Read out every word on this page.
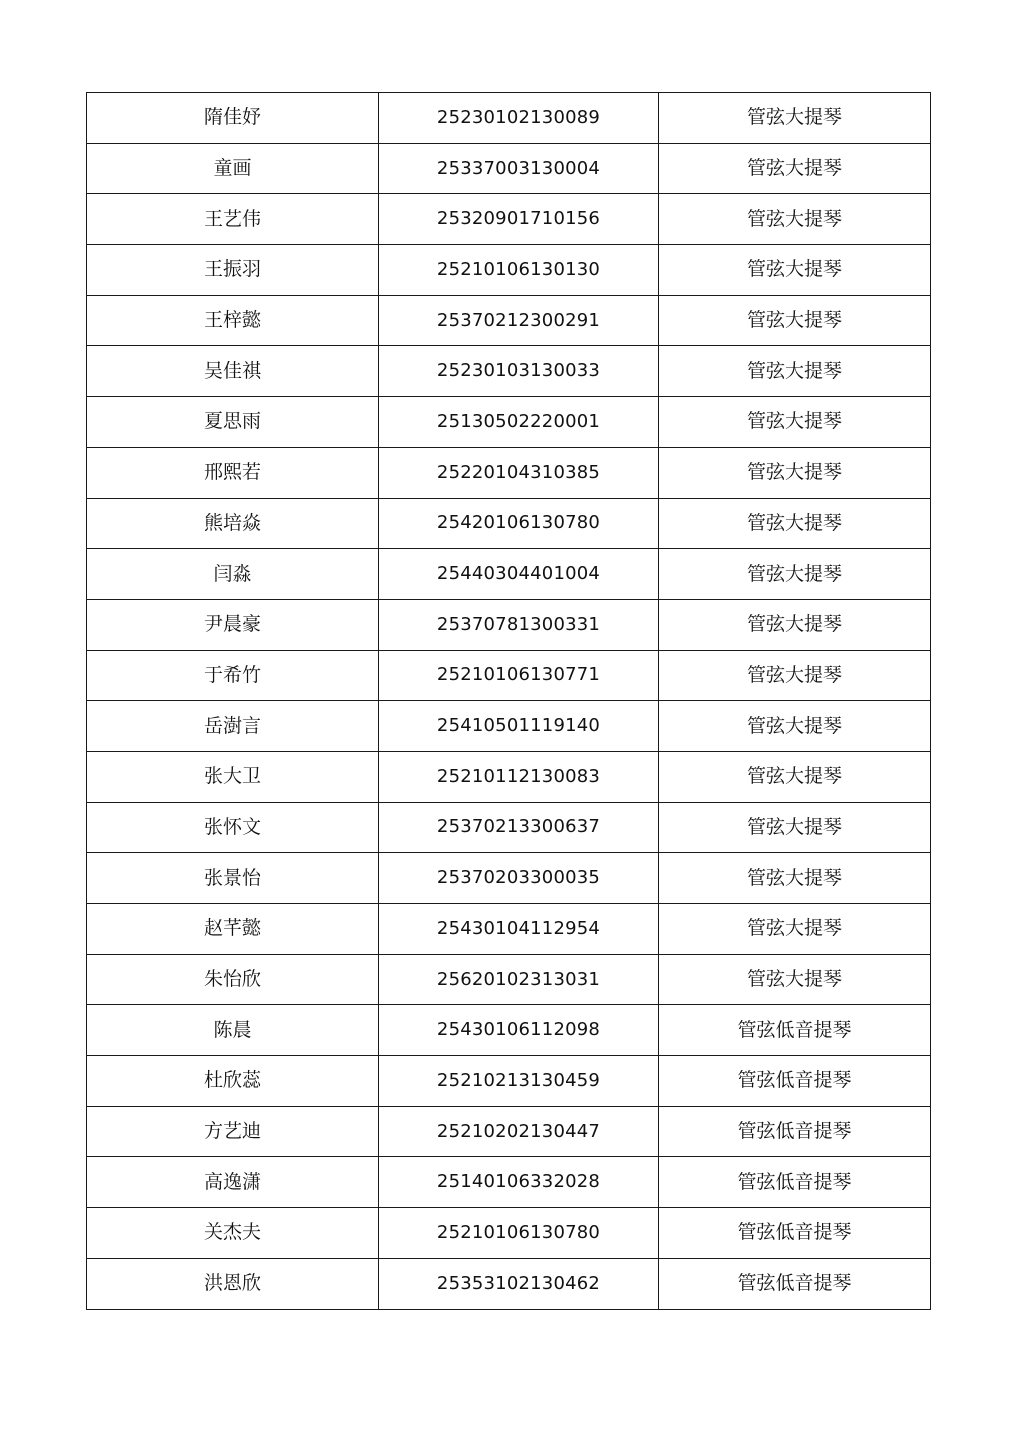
隋佳妤	25230102130089	管弦大提琴
童画	25337003130004	管弦大提琴
王艺伟	25320901710156	管弦大提琴
王振羽	25210106130130	管弦大提琴
王梓懿	25370212300291	管弦大提琴
吴佳祺	25230103130033	管弦大提琴
夏思雨	25130502220001	管弦大提琴
邢熙若	25220104310385	管弦大提琴
熊培焱	25420106130780	管弦大提琴
闫淼	25440304401004	管弦大提琴
尹晨豪	25370781300331	管弦大提琴
于希竹	25210106130771	管弦大提琴
岳澍言	25410501119140	管弦大提琴
张大卫	25210112130083	管弦大提琴
张怀文	25370213300637	管弦大提琴
张景怡	25370203300035	管弦大提琴
赵芊懿	25430104112954	管弦大提琴
朱怡欣	25620102313031	管弦大提琴
陈晨	25430106112098	管弦低音提琴
杜欣蕊	25210213130459	管弦低音提琴
方艺迪	25210202130447	管弦低音提琴
高逸潇	25140106332028	管弦低音提琴
关杰夫	25210106130780	管弦低音提琴
洪恩欣	25353102130462	管弦低音提琴
